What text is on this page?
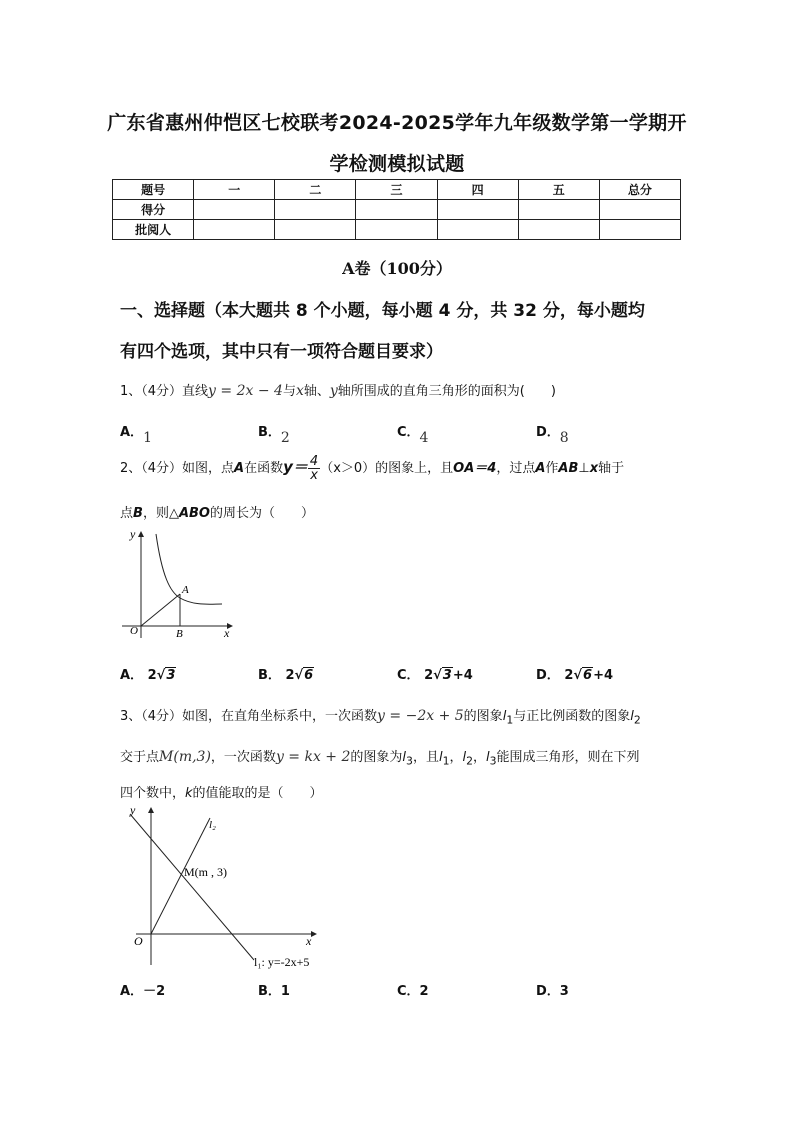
广东省惠州仲恺区七校联考2024-2025学年九年级数学第一学期开
学检测模拟试题
题号	一	二	三	四	五	总分
得分						
批阅人						
A卷（100分）
一、选择题（本大题共 8 个小题，每小题 4 分，共 32 分，每小题均
有四个选项，其中只有一项符合题目要求）
1、（4分）直线y = 2x − 4与x轴、y轴所围成的直角三角形的面积为(　　)
A．1	B．2	C．4	D．8
2、（4分）如图，点A在函数$y= \frac{4}{x} (x>0)$的图象上，且OA＝4，过点A作AB⊥x轴于
点B，则△ABO的周长为（　　）
y
x
A
B
O
A． 2√3	B． 2√6	C． 2√3+4	D． 2√6+4
3、（4分）如图，在直角坐标系中，一次函数y = −2x + 5的图象$l_1$与正比例函数的图象$l_2$
交于点M(m,3)，一次函数y = kx + 2的图象为$l_3$，且$l_1$，$l_2$，$l_3$能围成三角形，则在下列
四个数中，k的值能取的是（　　）
y
x
O
l₂
M(m , 3)
l₁: y=-2x+5
A．－2	B．1	C．2	D．3
